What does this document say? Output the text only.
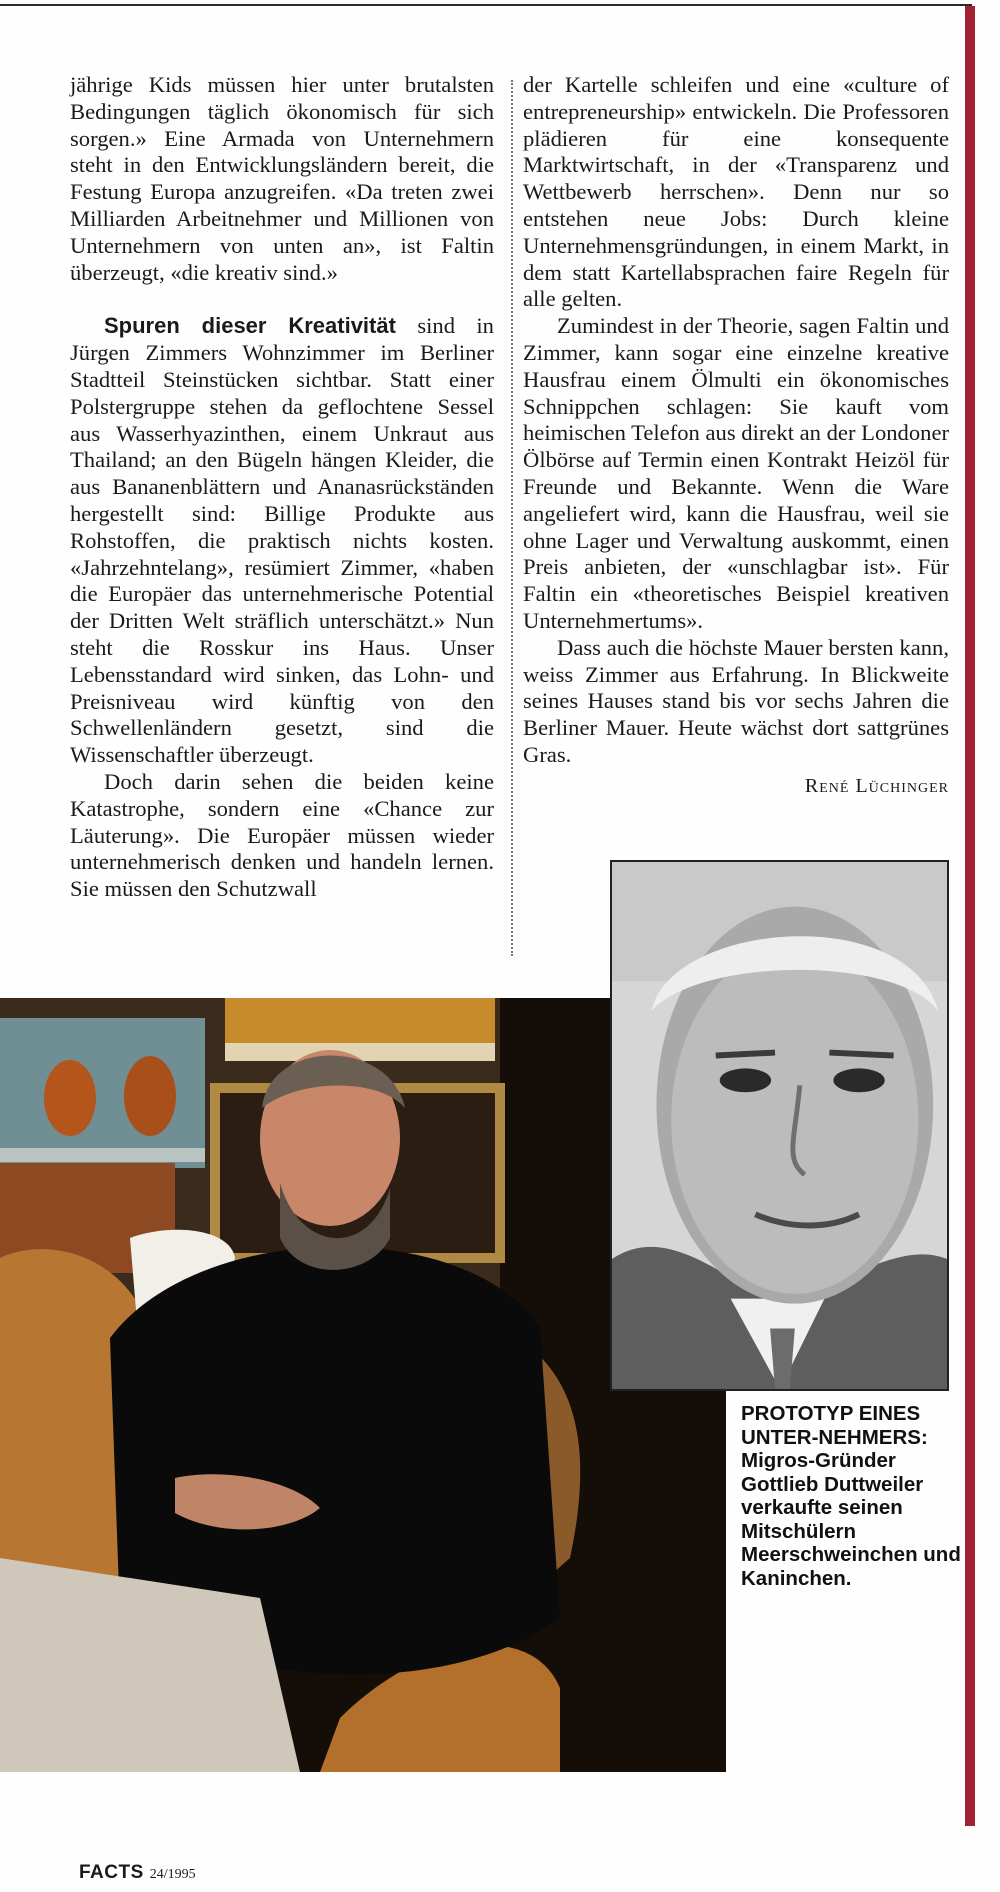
jährige Kids müssen hier unter brutalsten Bedingungen täglich ökonomisch für sich sorgen.» Eine Armada von Unternehmern steht in den Entwicklungsländern bereit, die Festung Europa anzugreifen. «Da treten zwei Milliarden Arbeitnehmer und Millionen von Unternehmern von unten an», ist Faltin überzeugt, «die kreativ sind.»

Spuren dieser Kreativität sind in Jürgen Zimmers Wohnzimmer im Berliner Stadtteil Steinstücken sichtbar. Statt einer Polstergruppe stehen da geflochtene Sessel aus Wasserhyazinthen, einem Unkraut aus Thailand; an den Bügeln hängen Kleider, die aus Bananenblättern und Ananasrückständen hergestellt sind: Billige Produkte aus Rohstoffen, die praktisch nichts kosten. «Jahrzehntelang», resümiert Zimmer, «haben die Europäer das unternehmerische Potential der Dritten Welt sträflich unterschätzt.» Nun steht die Rosskur ins Haus. Unser Lebensstandard wird sinken, das Lohn- und Preisniveau wird künftig von den Schwellenländern gesetzt, sind die Wissenschaftler überzeugt.

Doch darin sehen die beiden keine Katastrophe, sondern eine «Chance zur Läuterung». Die Europäer müssen wieder unternehmerisch denken und handeln lernen. Sie müssen den Schutzwall

der Kartelle schleifen und eine «culture of entrepreneurship» entwickeln. Die Professoren plädieren für eine konsequente Marktwirtschaft, in der «Transparenz und Wettbewerb herrschen». Denn nur so entstehen neue Jobs: Durch kleine Unternehmensgründungen, in einem Markt, in dem statt Kartellabsprachen faire Regeln für alle gelten.

Zumindest in der Theorie, sagen Faltin und Zimmer, kann sogar eine einzelne kreative Hausfrau einem Ölmulti ein ökonomisches Schnippchen schlagen: Sie kauft vom heimischen Telefon aus direkt an der Londoner Ölbörse auf Termin einen Kontrakt Heizöl für Freunde und Bekannte. Wenn die Ware angeliefert wird, kann die Hausfrau, weil sie ohne Lager und Verwaltung auskommt, einen Preis anbieten, der «unschlagbar ist». Für Faltin ein «theoretisches Beispiel kreativen Unternehmertums».

Dass auch die höchste Mauer bersten kann, weiss Zimmer aus Erfahrung. In Blickweite seines Hauses stand bis vor sechs Jahren die Berliner Mauer. Heute wächst dort sattgrünes Gras.

René Lüchinger
PROTOTYP EINES UNTER-NEHMERS:
Migros-Gründer Gottlieb Duttweiler verkaufte seinen Mitschülern Meerschweinchen und Kaninchen.
FACTS 24/1995
